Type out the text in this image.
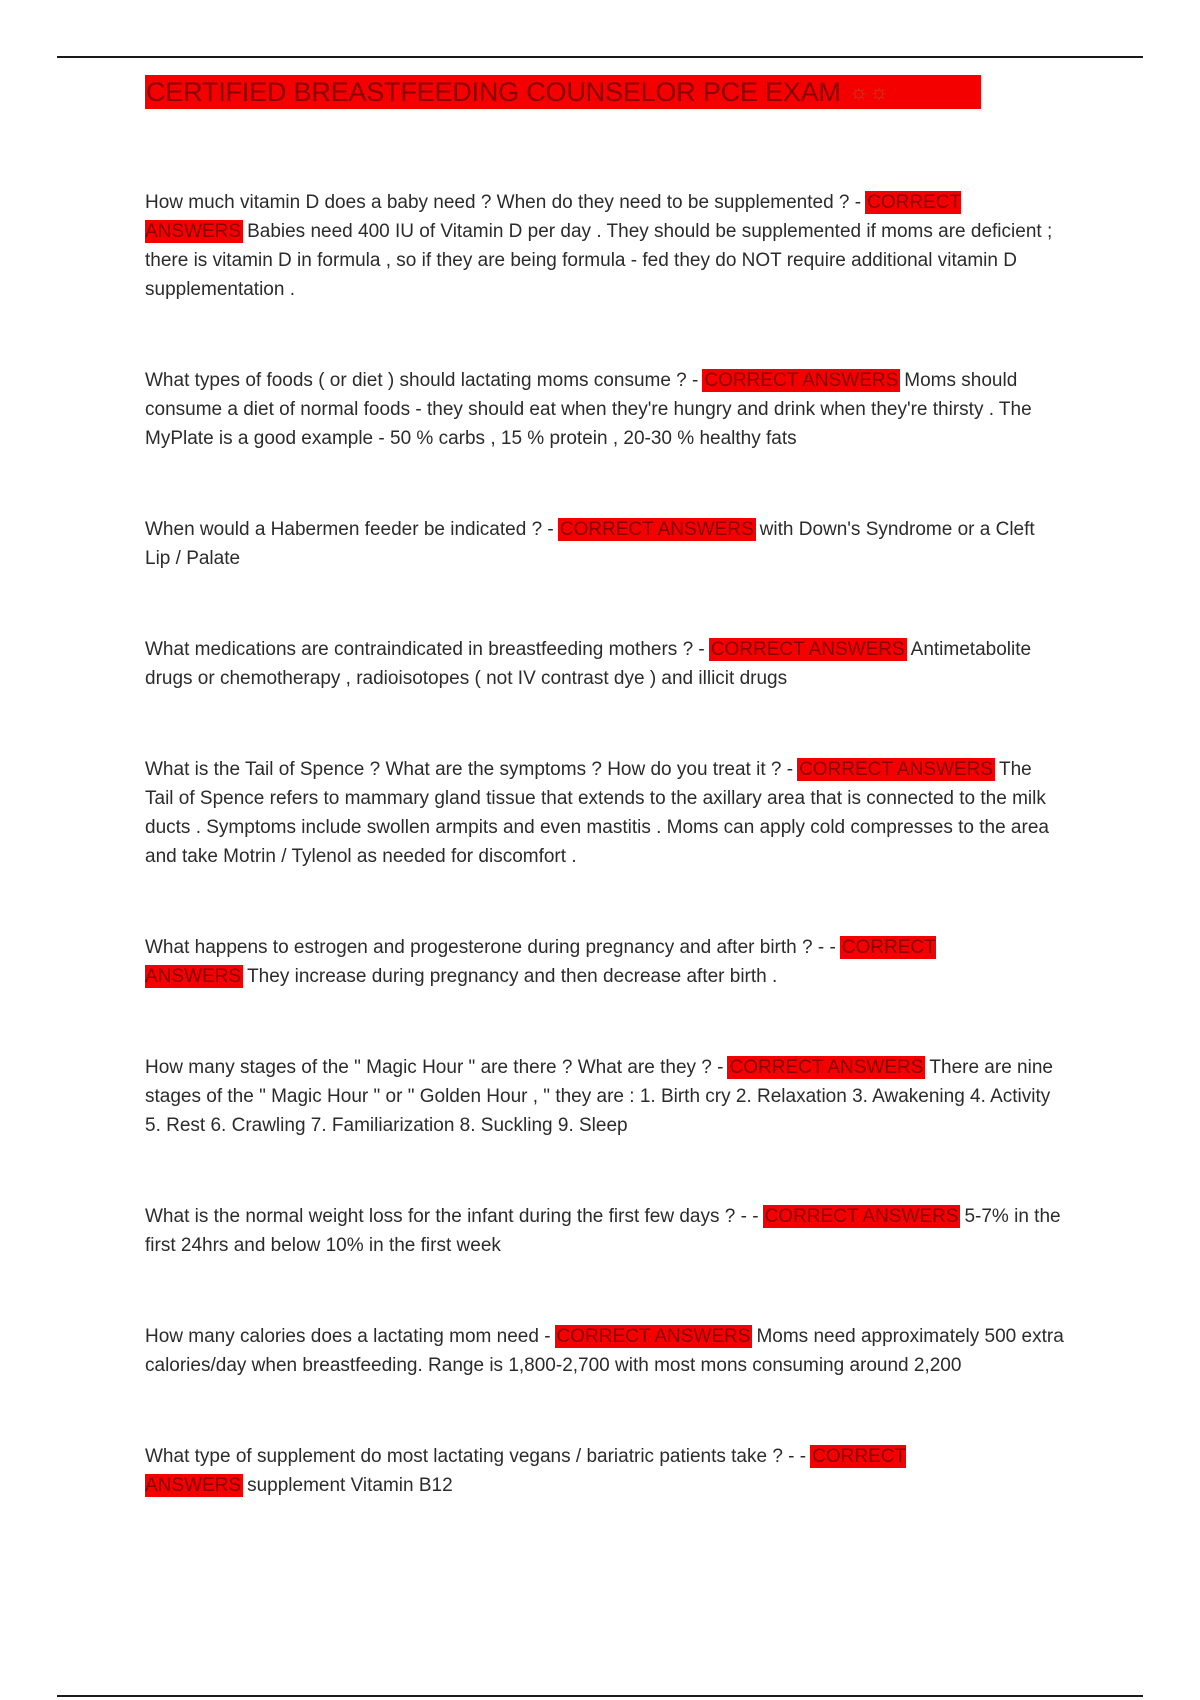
CERTIFIED BREASTFEEDING COUNSELOR PCE EXAM ☼☼

How much vitamin D does a baby need ? When do they need to be supplemented ? - CORRECT ANSWERS Babies need 400 IU of Vitamin D per day . They should be supplemented if moms are deficient ; there is vitamin D in formula , so if they are being formula - fed they do NOT require additional vitamin D supplementation .

What types of foods ( or diet ) should lactating moms consume ? - CORRECT ANSWERS Moms should consume a diet of normal foods - they should eat when they're hungry and drink when they're thirsty . The MyPlate is a good example - 50 % carbs , 15 % protein , 20-30 % healthy fats

When would a Habermen feeder be indicated ? - CORRECT ANSWERS with Down's Syndrome or a Cleft Lip / Palate

What medications are contraindicated in breastfeeding mothers ? - CORRECT ANSWERS Antimetabolite drugs or chemotherapy , radioisotopes ( not IV contrast dye ) and illicit drugs

What is the Tail of Spence ? What are the symptoms ? How do you treat it ? - CORRECT ANSWERS The Tail of Spence refers to mammary gland tissue that extends to the axillary area that is connected to the milk ducts . Symptoms include swollen armpits and even mastitis . Moms can apply cold compresses to the area and take Motrin / Tylenol as needed for discomfort .

What happens to estrogen and progesterone during pregnancy and after birth ? - - CORRECT ANSWERS They increase during pregnancy and then decrease after birth .

How many stages of the " Magic Hour " are there ? What are they ? - CORRECT ANSWERS There are nine stages of the " Magic Hour " or " Golden Hour , " they are : 1. Birth cry 2. Relaxation 3. Awakening 4. Activity 5. Rest 6. Crawling 7. Familiarization 8. Suckling 9. Sleep

What is the normal weight loss for the infant during the first few days ? - - CORRECT ANSWERS 5-7% in the first 24hrs and below 10% in the first week

How many calories does a lactating mom need - CORRECT ANSWERS Moms need approximately 500 extra calories/day when breastfeeding. Range is 1,800-2,700 with most mons consuming around 2,200

What type of supplement do most lactating vegans / bariatric patients take ? - - CORRECT ANSWERS supplement Vitamin B12
